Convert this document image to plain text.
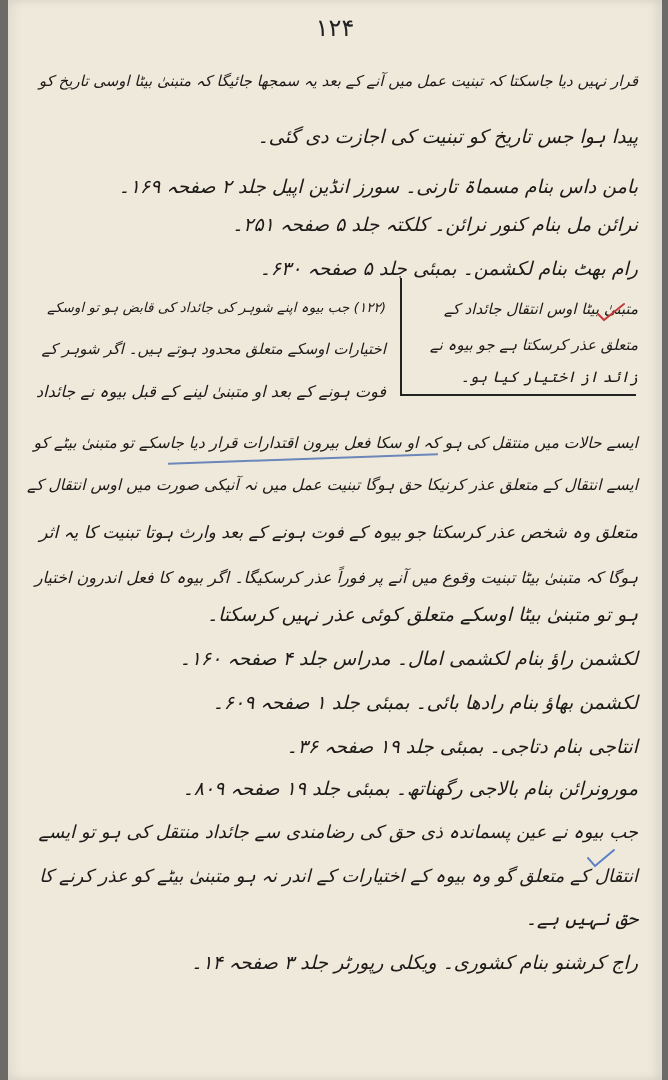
۱۲۴
قرار نہیں دیا جاسکتا کہ تبنیت عمل میں آنے کے بعد یہ سمجھا جائیگا کہ متبنیٰ بیٹا اوسی تاریخ کو
پیدا ہوا جس تاریخ کو تبنیت کی اجازت دی گئی۔
بامن داس بنام مسماۃ تارنی۔ سورز انڈین اپیل جلد ۲ صفحہ ۱۶۹۔
نرائن مل بنام کنور نرائن۔ کلکتہ جلد ۵ صفحہ ۲۵۱۔
رام بھٹ بنام لکشمن۔ بمبئی جلد ۵ صفحہ ۶۳۰۔
متبنیٰ بیٹا اوس انتقال جائداد کے
متعلق عذر کرسکتا ہے جو بیوہ نے
زائد از اختیار کیا ہو۔
(۱۲۲) جب بیوہ اپنے شوہر کی جائداد کی قابض ہو تو اوسکے
اختیارات اوسکے متعلق محدود ہوتے ہیں۔ اگر شوہر کے
فوت ہونے کے بعد او متبنیٰ لینے کے قبل بیوہ نے جائداد
ایسے حالات میں منتقل کی ہو کہ او سکا فعل بیرون اقتدارات قرار دیا جاسکے تو متبنیٰ بیٹے کو
ایسے انتقال کے متعلق عذر کرنیکا حق ہوگا تبنیت عمل میں نہ آنیکی صورت میں اوس انتقال کے
متعلق وہ شخص عذر کرسکتا جو بیوہ کے فوت ہونے کے بعد وارث ہوتا تبنیت کا یہ اثر
ہوگا کہ متبنیٰ بیٹا تبنیت وقوع میں آنے پر فوراً عذر کرسکیگا۔ اگر بیوہ کا فعل اندرون اختیار
ہو تو متبنیٰ بیٹا اوسکے متعلق کوئی عذر نہیں کرسکتا۔
لکشمن راؤ بنام لکشمی امال۔ مدراس جلد ۴ صفحہ ۱۶۰۔
لکشمن بھاؤ بنام رادھا بائی۔ بمبئی جلد ۱ صفحہ ۶۰۹۔
انتاجی بنام دتاجی۔ بمبئی جلد ۱۹ صفحہ ۳۶۔
مورونرائن بنام بالاجی رگھناتھ۔ بمبئی جلد ۱۹ صفحہ ۸۰۹۔
جب بیوہ نے عین پسماندہ ذی حق کی رضامندی سے جائداد منتقل کی ہو تو ایسے
انتقال کے متعلق گو وہ بیوہ کے اختیارات کے اندر نہ ہو متبنیٰ بیٹے کو عذر کرنے کا
حق نہیں ہے۔
راج کرشنو بنام کشوری۔ ویکلی رپورٹر جلد ۳ صفحہ ۱۴۔
